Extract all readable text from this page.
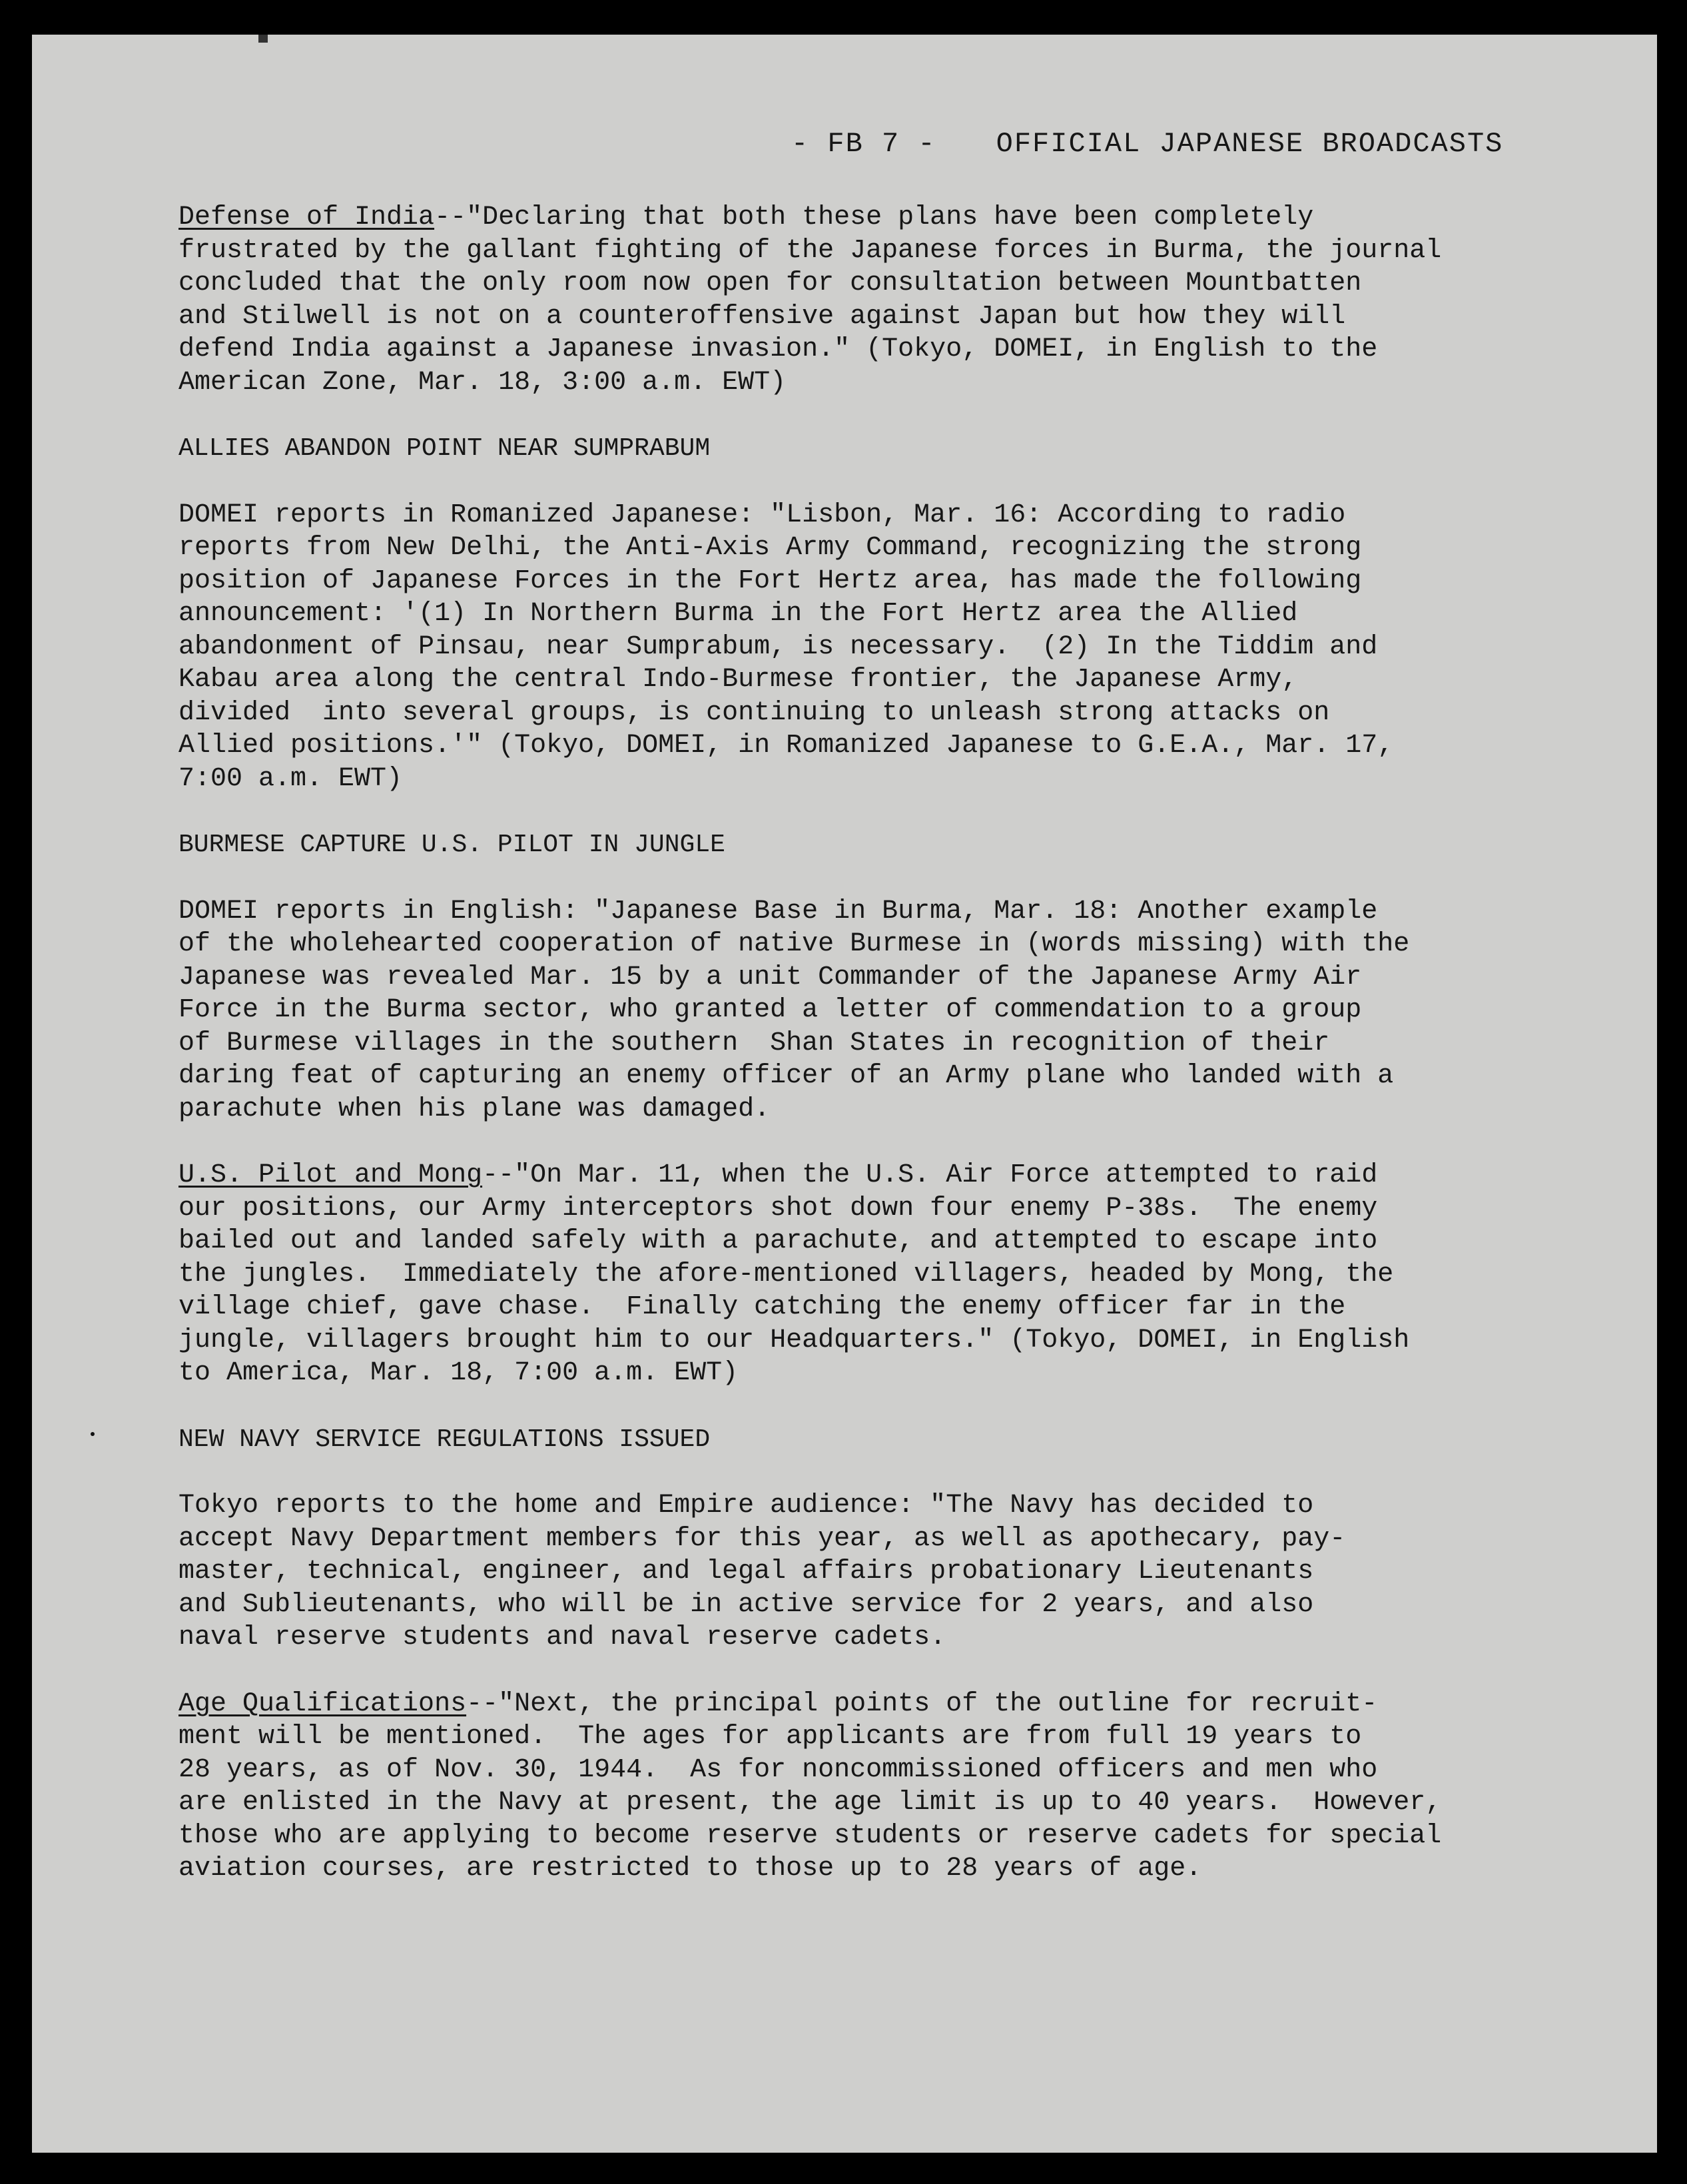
- FB 7 - OFFICIAL JAPANESE BROADCASTS
Defense of India--"Declaring that both these plans have been completely
frustrated by the gallant fighting of the Japanese forces in Burma, the journal
concluded that the only room now open for consultation between Mountbatten
and Stilwell is not on a counteroffensive against Japan but how they will
defend India against a Japanese invasion." (Tokyo, DOMEI, in English to the
American Zone, Mar. 18, 3:00 a.m. EWT)
ALLIES ABANDON POINT NEAR SUMPRABUM
DOMEI reports in Romanized Japanese: "Lisbon, Mar. 16: According to radio
reports from New Delhi, the Anti-Axis Army Command, recognizing the strong
position of Japanese Forces in the Fort Hertz area, has made the following
announcement: '(1) In Northern Burma in the Fort Hertz area the Allied
abandonment of Pinsau, near Sumprabum, is necessary.  (2) In the Tiddim and
Kabau area along the central Indo-Burmese frontier, the Japanese Army,
divided  into several groups, is continuing to unleash strong attacks on
Allied positions.'" (Tokyo, DOMEI, in Romanized Japanese to G.E.A., Mar. 17,
7:00 a.m. EWT)
BURMESE CAPTURE U.S. PILOT IN JUNGLE
DOMEI reports in English: "Japanese Base in Burma, Mar. 18: Another example
of the wholehearted cooperation of native Burmese in (words missing) with the
Japanese was revealed Mar. 15 by a unit Commander of the Japanese Army Air
Force in the Burma sector, who granted a letter of commendation to a group
of Burmese villages in the southern  Shan States in recognition of their
daring feat of capturing an enemy officer of an Army plane who landed with a
parachute when his plane was damaged.
U.S. Pilot and Mong--"On Mar. 11, when the U.S. Air Force attempted to raid
our positions, our Army interceptors shot down four enemy P-38s.  The enemy
bailed out and landed safely with a parachute, and attempted to escape into
the jungles.  Immediately the afore-mentioned villagers, headed by Mong, the
village chief, gave chase.  Finally catching the enemy officer far in the
jungle, villagers brought him to our Headquarters." (Tokyo, DOMEI, in English
to America, Mar. 18, 7:00 a.m. EWT)
NEW NAVY SERVICE REGULATIONS ISSUED
Tokyo reports to the home and Empire audience: "The Navy has decided to
accept Navy Department members for this year, as well as apothecary, pay-
master, technical, engineer, and legal affairs probationary Lieutenants
and Sublieutenants, who will be in active service for 2 years, and also
naval reserve students and naval reserve cadets.
Age Qualifications--"Next, the principal points of the outline for recruit-
ment will be mentioned.  The ages for applicants are from full 19 years to
28 years, as of Nov. 30, 1944.  As for noncommissioned officers and men who
are enlisted in the Navy at present, the age limit is up to 40 years.  However,
those who are applying to become reserve students or reserve cadets for special
aviation courses, are restricted to those up to 28 years of age.
